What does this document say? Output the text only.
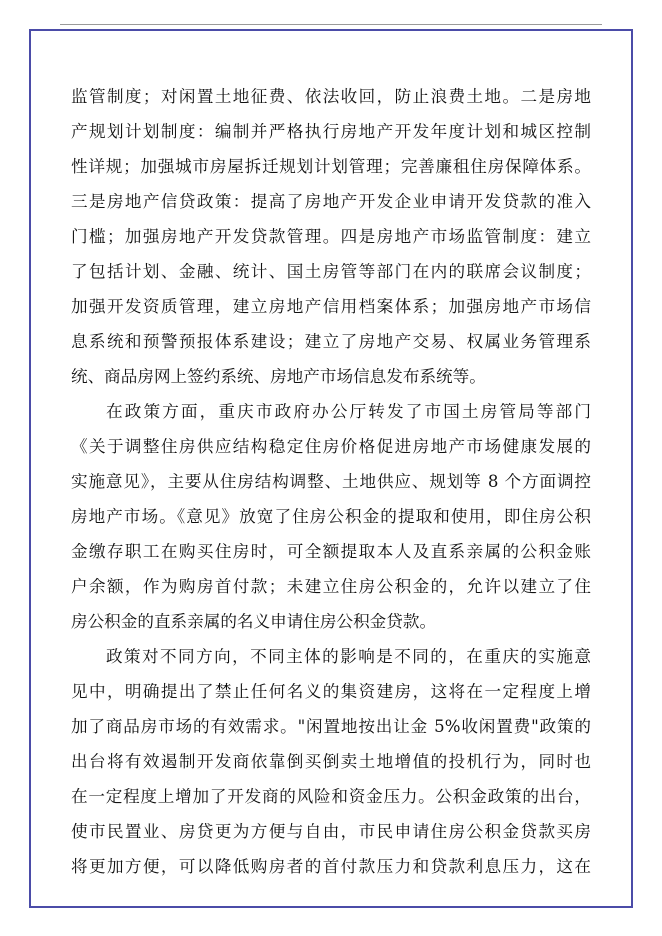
监管制度；对闲置土地征费、依法收回，防止浪费土地。二是房地
产规划计划制度：编制并严格执行房地产开发年度计划和城区控制
性详规；加强城市房屋拆迁规划计划管理；完善廉租住房保障体系。
三是房地产信贷政策：提高了房地产开发企业申请开发贷款的准入
门槛；加强房地产开发贷款管理。四是房地产市场监管制度：建立
了包括计划、金融、统计、国土房管等部门在内的联席会议制度；
加强开发资质管理，建立房地产信用档案体系；加强房地产市场信
息系统和预警预报体系建设；建立了房地产交易、权属业务管理系
统、商品房网上签约系统、房地产市场信息发布系统等。
在政策方面，重庆市政府办公厅转发了市国土房管局等部门
《关于调整住房供应结构稳定住房价格促进房地产市场健康发展的
实施意见》，主要从住房结构调整、土地供应、规划等 8 个方面调控
房地产市场。《意见》放宽了住房公积金的提取和使用，即住房公积
金缴存职工在购买住房时，可全额提取本人及直系亲属的公积金账
户余额，作为购房首付款；未建立住房公积金的，允许以建立了住
房公积金的直系亲属的名义申请住房公积金贷款。
政策对不同方向，不同主体的影响是不同的，在重庆的实施意
见中，明确提出了禁止任何名义的集资建房，这将在一定程度上增
加了商品房市场的有效需求。"闲置地按出让金 5%收闲置费"政策的
出台将有效遏制开发商依靠倒买倒卖土地增值的投机行为，同时也
在一定程度上增加了开发商的风险和资金压力。公积金政策的出台，
使市民置业、房贷更为方便与自由，市民申请住房公积金贷款买房
将更加方便，可以降低购房者的首付款压力和贷款利息压力，这在
